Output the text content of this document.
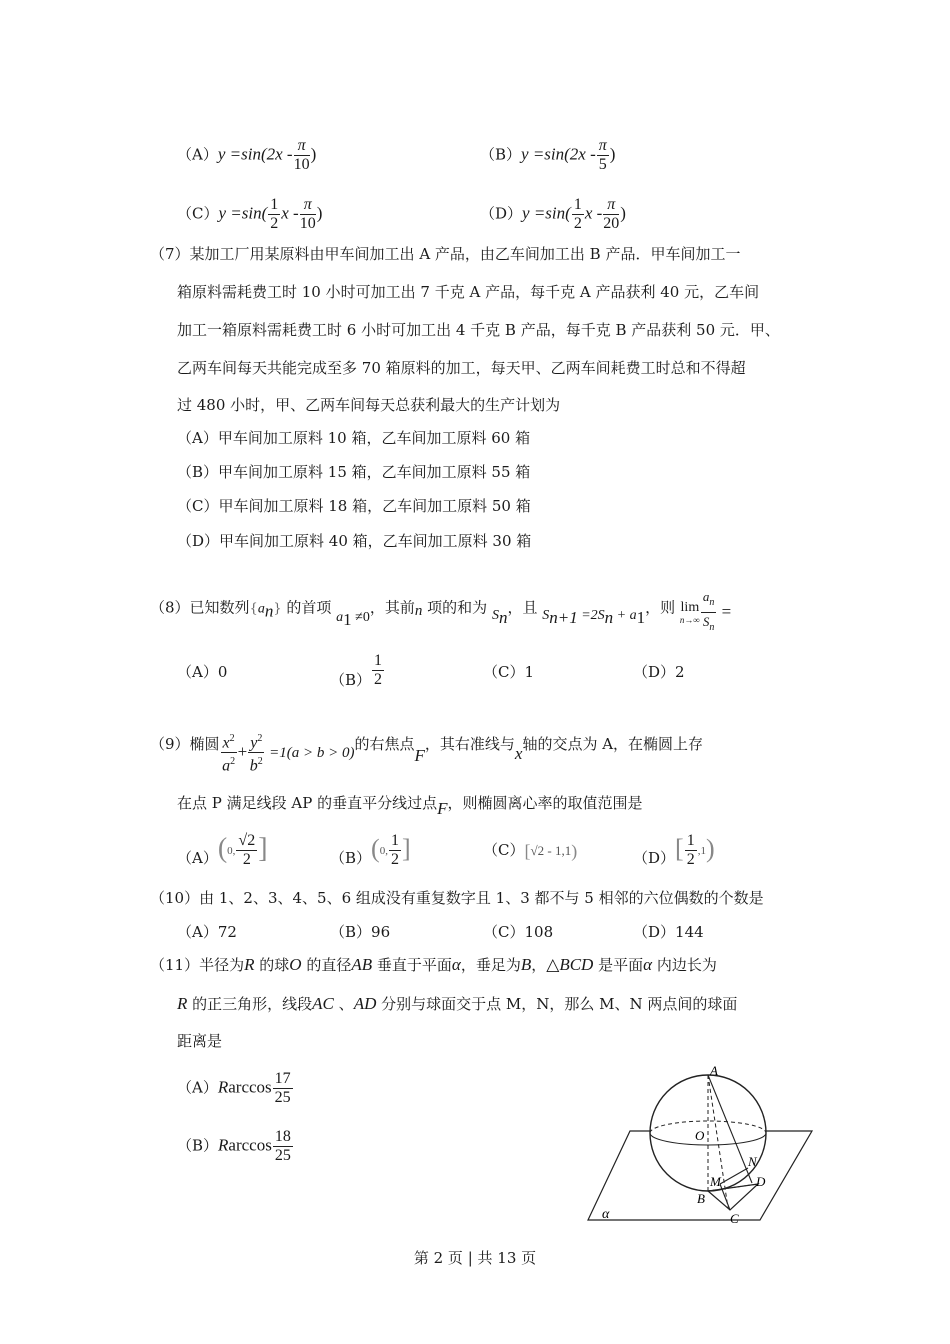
$(A)y =\sin(2x - \frac{\pi}{10}$ )	$(B)y =\sin(2x - \frac{\pi}{5}$ )
$(C)y =\sin( \frac{1}{2}$ x - $\frac{\pi}{10}$ )	$(D)y =\sin( \frac{1}{2}$ x - $\frac{\pi}{20}$ )
（7）某加工厂用某原料由甲车间加工出 A 产品，由乙车间加工出 B 产品．甲车间加工一
箱原料需耗费工时 10 小时可加工出 7 千克 A 产品，每千克 A 产品获利 40 元，乙车间
加工一箱原料需耗费工时 6 小时可加工出 4 千克 B 产品，每千克 B 产品获利 50 元．甲、
乙两车间每天共能完成至多 70 箱原料的加工，每天甲、乙两车间耗费工时总和不得超
过 480 小时，甲、乙两车间每天总获利最大的生产计划为
（A）甲车间加工原料 10 箱，乙车间加工原料 60 箱
（B）甲车间加工原料 15 箱，乙车间加工原料 55 箱
（C）甲车间加工原料 18 箱，乙车间加工原料 50 箱
（D）甲车间加工原料 40 箱，乙车间加工原料 30 箱
（8）已知数列$\{a_n\}$ 的首项 $a_1 \ne 0$，其前n 项的和为 $S_n$，且 $S_{n+1} =2S_n + a_1$，则 lim
$n\to\infty \frac{a_n}{S_n}$ =
（A）0	$(B) \frac{1}{2}$	（C）1	（D）2
（9）椭圆 $\frac{x^2}{a^2} + \frac{y^2}{b^2} =1(a > b > 0)$的右焦点F，其右准线与x轴的交点为 A，在椭圆上存
在点 P 满足线段 AP 的垂直平分线过点F，则椭圆离心率的取值范围是
（A）(0, $\frac{√2}{2}$ ]	（B）(0, $\frac{1}{2}$ ]	（C）[√2 - 1,1)	$(D)[ \frac{1}{2} ,1)$
（10）由 1、2、3、4、5、6 组成没有重复数字且 1、3 都不与 5 相邻的六位偶数的个数是
（A）72	（B）96	（C）108	（D）144
（11）半径为R 的球O 的直径AB 垂直于平面α，垂足为B，△BCD 是平面α 内边长为
R 的正三角形，线段AC 、AD 分别与球面交于点 M，N，那么 M、N 两点间的球面
距离是
$(A)Rarccos \frac{17}{25}$
$(B)Rarccos \frac{18}{25}$
A
O
N
M	D
B
C
α
第 2 页 | 共 13 页
